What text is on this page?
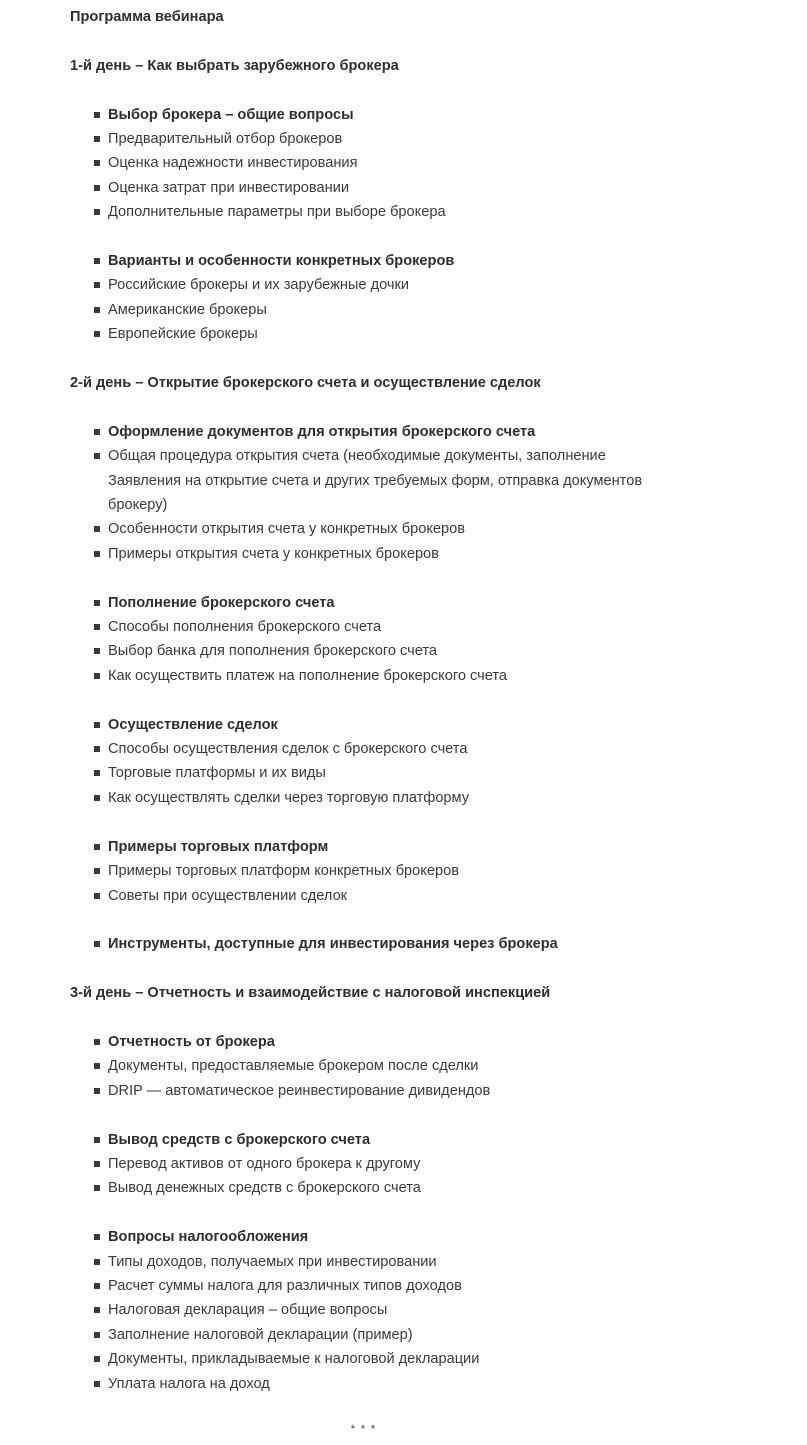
Программа вебинара

1-й день – Как выбрать зарубежного брокера

Выбор брокера – общие вопросы
Предварительный отбор брокеров
Оценка надежности инвестирования
Оценка затрат при инвестировании
Дополнительные параметры при выборе брокера
Варианты и особенности конкретных брокеров
Российские брокеры и их зарубежные дочки
Американские брокеры
Европейские брокеры

2-й день – Открытие брокерского счета и осуществление сделок

Оформление документов для открытия брокерского счета
Общая процедура открытия счета (необходимые документы, заполнение Заявления на открытие счета и других требуемых форм, отправка документов брокеру)
Особенности открытия счета у конкретных брокеров
Примеры открытия счета у конкретных брокеров
Пополнение брокерского счета
Способы пополнения брокерского счета
Выбор банка для пополнения брокерского счета
Как осуществить платеж на пополнение брокерского счета
Осуществление сделок
Способы осуществления сделок с брокерского счета
Торговые платформы и их виды
Как осуществлять сделки через торговую платформу
Примеры торговых платформ
Примеры торговых платформ конкретных брокеров
Советы при осуществлении сделок
Инструменты, доступные для инвестирования через брокера

3-й день – Отчетность и взаимодействие с налоговой инспекцией

Отчетность от брокера
Документы, предоставляемые брокером после сделки
DRIP — автоматическое реинвестирование дивидендов
Вывод средств с брокерского счета
Перевод активов от одного брокера к другому
Вывод денежных средств с брокерского счета
Вопросы налогообложения
Типы доходов, получаемых при инвестировании
Расчет суммы налога для различных типов доходов
Налоговая декларация – общие вопросы
Заполнение налоговой декларации (пример)
Документы, прикладываемые к налоговой декларации
Уплата налога на доход
* * *
